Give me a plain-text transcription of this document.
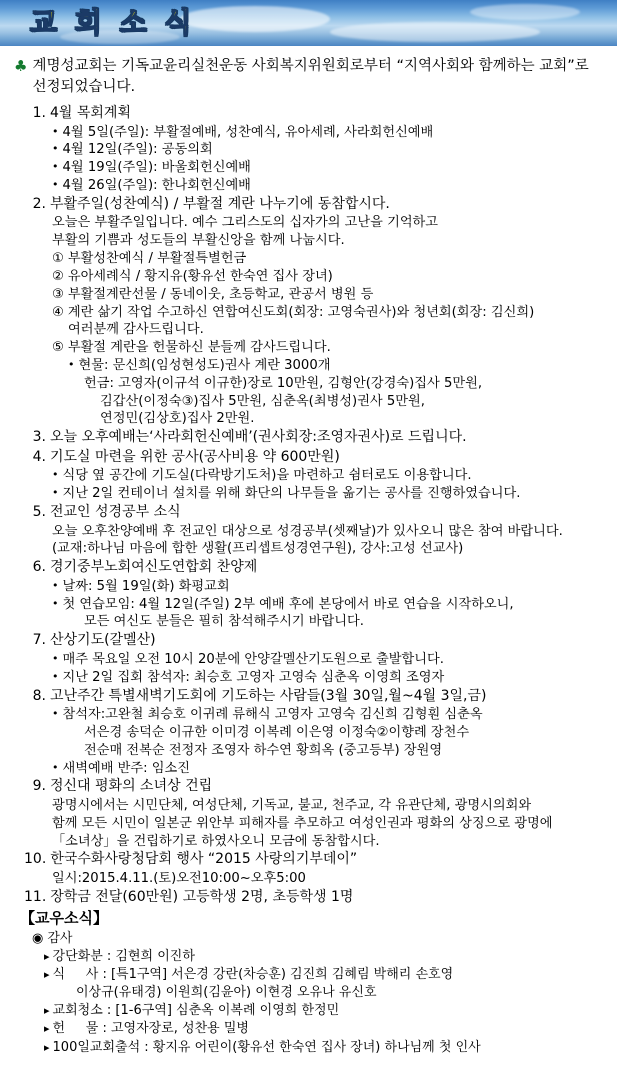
교 회 소 식
♣ 계명성교회는 기독교윤리실천운동 사회복지위원회로부터 “지역사회와 함께하는 교회”로 선정되었습니다.
1. 4월 목회계획
• 4월 5일(주일): 부활절예배, 성찬예식, 유아세례, 사라회헌신예배
• 4월 12일(주일): 공동의회
• 4월 19일(주일): 바울회헌신예배
• 4월 26일(주일): 한나회헌신예배
2. 부활주일(성찬예식) / 부활절 계란 나누기에 동참합시다.
오늘은 부활주일입니다. 예수 그리스도의 십자가의 고난을 기억하고
부활의 기쁨과 성도들의 부활신앙을 함께 나눕시다.
① 부활성찬예식 / 부활절특별헌금
② 유아세례식 / 황지유(황유선 한숙연 집사 장녀)
③ 부활절계란선물 / 동네이웃, 초등학교, 관공서 병원 등
④ 계란 삶기 작업 수고하신 연합여신도회(회장: 고영숙권사)와 청년회(회장: 김신희)
여러분께 감사드립니다.
⑤ 부활절 계란을 헌물하신 분들께 감사드립니다.
• 현물: 문신희(임성현성도)권사 계란 3000개
헌금: 고영자(이규석 이규한)장로 10만원, 김형안(강경숙)집사 5만원,
김갑산(이정숙③)집사 5만원, 심춘옥(최병성)권사 5만원,
연정민(김상호)집사 2만원.
3. 오늘 오후예배는‘사라회헌신예배’(권사회장:조영자권사)로 드립니다.
4. 기도실 마련을 위한 공사(공사비용 약 600만원)
• 식당 옆 공간에 기도실(다락방기도처)을 마련하고 쉼터로도 이용합니다.
• 지난 2일 컨테이너 설치를 위해 화단의 나무들을 옮기는 공사를 진행하였습니다.
5. 전교인 성경공부 소식
오늘 오후찬양예배 후 전교인 대상으로 성경공부(셋째날)가 있사오니 많은 참여 바랍니다.
(교재:하나님 마음에 합한 생활(프리셉트성경연구원), 강사:고성 선교사)
6. 경기중부노회여신도연합회 찬양제
• 날짜: 5월 19일(화) 화평교회
• 첫 연습모임: 4월 12일(주일) 2부 예배 후에 본당에서 바로 연습을 시작하오니,
모든 여신도 분들은 필히 참석해주시기 바랍니다.
7. 산상기도(갈멜산)
• 매주 목요일 오전 10시 20분에 안양갈멜산기도원으로 출발합니다.
• 지난 2일 집회 참석자: 최승호 고영자 고영숙 심춘옥 이영희 조영자
8. 고난주간 특별새벽기도회에 기도하는 사람들(3월 30일,월~4월 3일,금)
• 참석자:고완철 최승호 이귀례 류해식 고영자 고영숙 김신희 김형훤 심춘옥
서은경 송덕순 이규한 이미경 이복례 이은영 이정숙②이향례 장천수
전순매 전복순 전정자 조영자 하수연 황희옥 (중고등부) 장원영
• 새벽예배 반주: 임소진
9. 정신대 평화의 소녀상 건립
광명시에서는 시민단체, 여성단체, 기독교, 불교, 천주교, 각 유관단체, 광명시의회와
함께 모든 시민이 일본군 위안부 피해자를 추모하고 여성인권과 평화의 상징으로 광명에
「소녀상」을 건립하기로 하였사오니 모금에 동참합시다.
10. 한국수화사랑청담회 행사 “2015 사랑의기부데이”
일시:2015.4.11.(토)오전10:00~오후5:00
11. 장학금 전달(60만원) 고등학생 2명, 초등학생 1명
【교우소식】
◉ 감사
▸ 강단화분 : 김현희 이진하
▸ 식     사 : [특1구역] 서은경 강란(차승훈) 김진희 김혜림 박해리 손호영
이상규(유태경) 이원희(김윤아) 이현경 오유나 유신호
▸ 교회청소 : [1-6구역] 심춘옥 이복례 이영희 한정민
▸ 헌     물 : 고영자장로, 성찬용 밀병
▸ 100일교회출석 : 황지유 어린이(황유선 한숙연 집사 장녀) 하나님께 첫 인사
